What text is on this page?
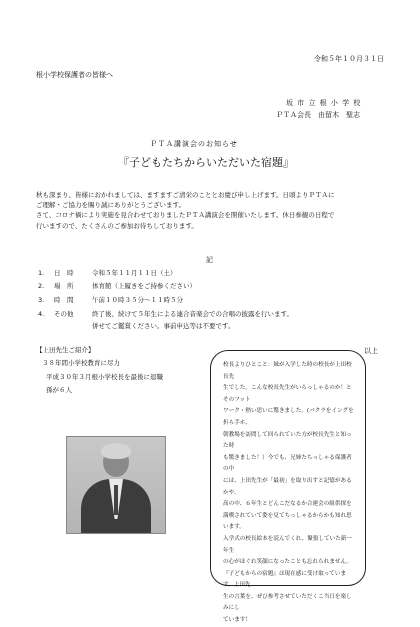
令和５年１０月３１日
根小学校保護者の皆様へ
坂 市 立 根 小 学 校
ＰＴＡ会長　由留木　聖志
ＰＴＡ講演会のお知らせ
『子どもたちからいただいた宿題』
秋も深まり、皆様におかれましては、ますますご清栄のこととお慶び申し上げます。日頃よりＰＴＡに
ご理解・ご協力を賜り誠にありがとうございます。
さて、コロナ禍により実施を見合わせておりましたＰＴＡ講演会を開催いたします。休日参観の日程で
行いますので、たくさんのご参加お待ちしております。
記
1. 日　時	令和５年１１月１１日（土）
2. 場　所	体育館（上履きをご持参ください）
3. 時　間	午前１０時３５分～１１時５分
4. その他	終了後、続けて５年生による連合音楽会での合唱の披露を行います。
併せてご鑑賞ください。事前申込等は不要です。
以上
【上田先生ご紹介】
３８年間小学校教育に尽力
平成３０年３月根小学校長を最後に退職
孫が６人

校長よりひとこと：妹が入学した時の校長が上田校長先

生でした。こんな校長先生がいらっしゃるのか！とそのフット

ワーク・熱い思いに驚きました。(バクラをイングを折ら手ホ、

朝教場を訪問して回られていた方が校長先生と知った時

も驚きました！）今でも、兄姉たちっしゃる保護者の中

には、上田先生が「最初」を取り出すと記憶があるかや、

高の中、６年生とどんこだなるか合運会の組供探を

満喫されていて姿を見てちっしゃるからかも知れ思います。

入学式の校長絵本を読んでくれ、緊張していた新一年生

の心がほぐれ笑顔になったことも忘れられません。

『子どもからの宿題』は現在感に受け取っています。上田先

生の言葉を、ぜひ参考させていただくこ当日を楽しみにし

ています！
